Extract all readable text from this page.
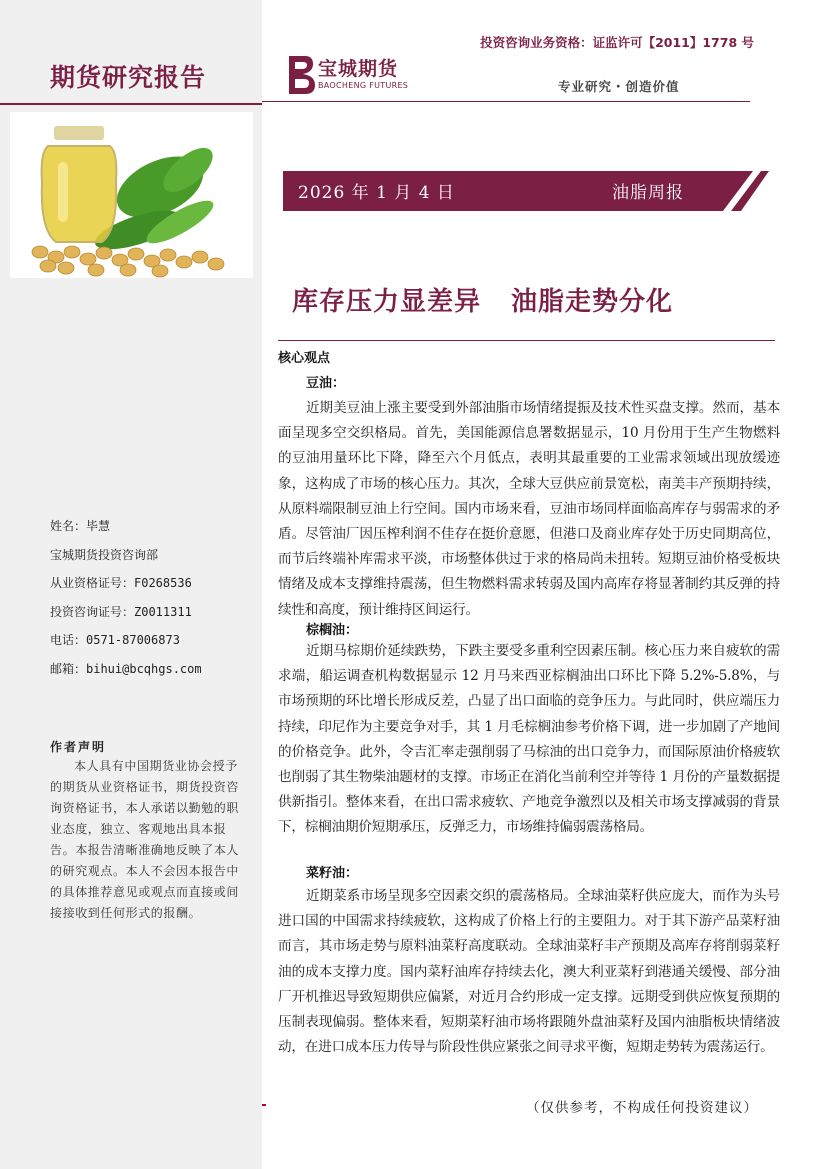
期货研究报告
姓名：毕慧
宝城期货投资咨询部
从业资格证号：F0268536
投资咨询证号：Z0011311
电话：0571-87006873
邮箱：bihui@bcqhgs.com
作者声明
本人具有中国期货业协会授予的期货从业资格证书，期货投资咨询资格证书，本人承诺以勤勉的职业态度，独立、客观地出具本报告。本报告清晰准确地反映了本人的研究观点。本人不会因本报告中的具体推荐意见或观点而直接或间接接收到任何形式的报酬。
投资咨询业务资格：证监许可【2011】1778 号
宝城期货
BAOCHENG FUTURES	专业研究・创造价值
2026 年 1 月 4 日	油脂周报
库存压力显差异 油脂走势分化
核心观点
豆油：
近期美豆油上涨主要受到外部油脂市场情绪提振及技术性买盘支撑。然而，基本面呈现多空交织格局。首先，美国能源信息署数据显示，10 月份用于生产生物燃料的豆油用量环比下降，降至六个月低点，表明其最重要的工业需求领域出现放缓迹象，这构成了市场的核心压力。其次，全球大豆供应前景宽松，南美丰产预期持续，从原料端限制豆油上行空间。国内市场来看，豆油市场同样面临高库存与弱需求的矛盾。尽管油厂因压榨利润不佳存在挺价意愿，但港口及商业库存处于历史同期高位，而节后终端补库需求平淡，市场整体供过于求的格局尚未扭转。短期豆油价格受板块情绪及成本支撑维持震荡，但生物燃料需求转弱及国内高库存将显著制约其反弹的持续性和高度，预计维持区间运行。
棕榈油：
近期马棕期价延续跌势，下跌主要受多重利空因素压制。核心压力来自疲软的需求端，船运调查机构数据显示 12 月马来西亚棕榈油出口环比下降 5.2%-5.8%，与市场预期的环比增长形成反差，凸显了出口面临的竞争压力。与此同时，供应端压力持续，印尼作为主要竞争对手，其 1 月毛棕榈油参考价格下调，进一步加剧了产地间的价格竞争。此外，令吉汇率走强削弱了马棕油的出口竞争力，而国际原油价格疲软也削弱了其生物柴油题材的支撑。市场正在消化当前利空并等待 1 月份的产量数据提供新指引。整体来看，在出口需求疲软、产地竞争激烈以及相关市场支撑减弱的背景下，棕榈油期价短期承压，反弹乏力，市场维持偏弱震荡格局。
菜籽油：
近期菜系市场呈现多空因素交织的震荡格局。全球油菜籽供应庞大，而作为头号进口国的中国需求持续疲软，这构成了价格上行的主要阻力。对于其下游产品菜籽油而言，其市场走势与原料油菜籽高度联动。全球油菜籽丰产预期及高库存将削弱菜籽油的成本支撑力度。国内菜籽油库存持续去化，澳大利亚菜籽到港通关缓慢、部分油厂开机推迟导致短期供应偏紧，对近月合约形成一定支撑。远期受到供应恢复预期的压制表现偏弱。整体来看，短期菜籽油市场将跟随外盘油菜籽及国内油脂板块情绪波动，在进口成本压力传导与阶段性供应紧张之间寻求平衡，短期走势转为震荡运行。
（仅供参考，不构成任何投资建议）
